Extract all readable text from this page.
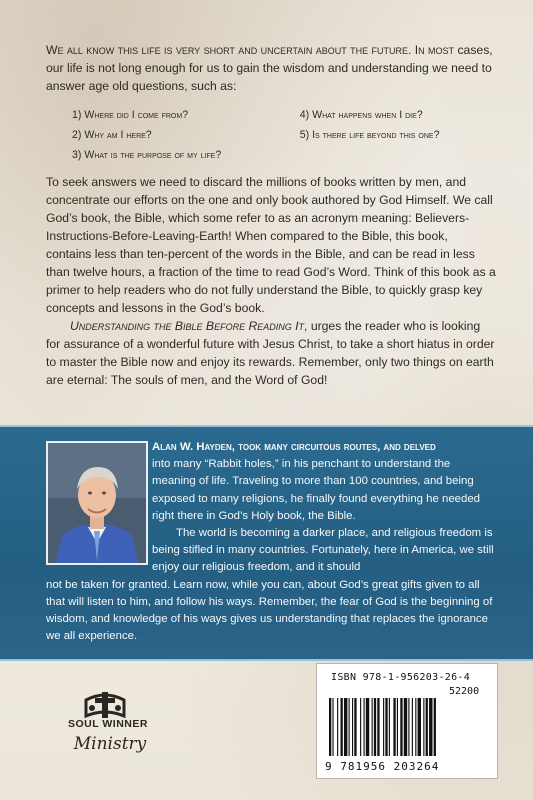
We all know this life is very short and uncertain about the future. In most cases, our life is not long enough for us to gain the wisdom and understanding we need to answer age old questions, such as:

1) Where did I come from?
2) Why am I here?
3) What is the purpose of my life?
4) What happens when I die?
5) Is there life beyond this one?

To seek answers we need to discard the millions of books written by men, and concentrate our efforts on the one and only book authored by God Himself. We call God’s book, the Bible, which some refer to as an acronym meaning: Believers-Instructions-Before-Leaving-Earth! When compared to the Bible, this book, contains less than ten-percent of the words in the Bible, and can be read in less than twelve hours, a fraction of the time to read God’s Word. Think of this book as a primer to help readers who do not fully understand the Bible, to quickly grasp key concepts and lessons in the God’s book.

Understanding the Bible Before Reading It, urges the reader who is looking for assurance of a wonderful future with Jesus Christ, to take a short hiatus in order to master the Bible now and enjoy its rewards. Remember, only two things on earth are eternal: The souls of men, and the Word of God!

Alan W. Hayden, took many circuitous routes, and delved

into many “Rabbit holes,” in his penchant to understand the meaning of life. Traveling to more than 100 countries, and being exposed to many religions, he finally found everything he needed right there in God’s Holy book, the Bible.

The world is becoming a darker place, and religious freedom is being stifled in many countries. Fortunately, here in America, we still enjoy our religious freedom, and it should

not be taken for granted. Learn now, while you can, about God’s great gifts given to all that will listen to him, and follow his ways. Remember, the fear of God is the beginning of wisdom, and knowledge of his ways gives us understanding that replaces the ignorance we all experience.

SOUL WINNER
Ministry
ISBN 978-1-956203-26-4
52200
9 781956 203264
